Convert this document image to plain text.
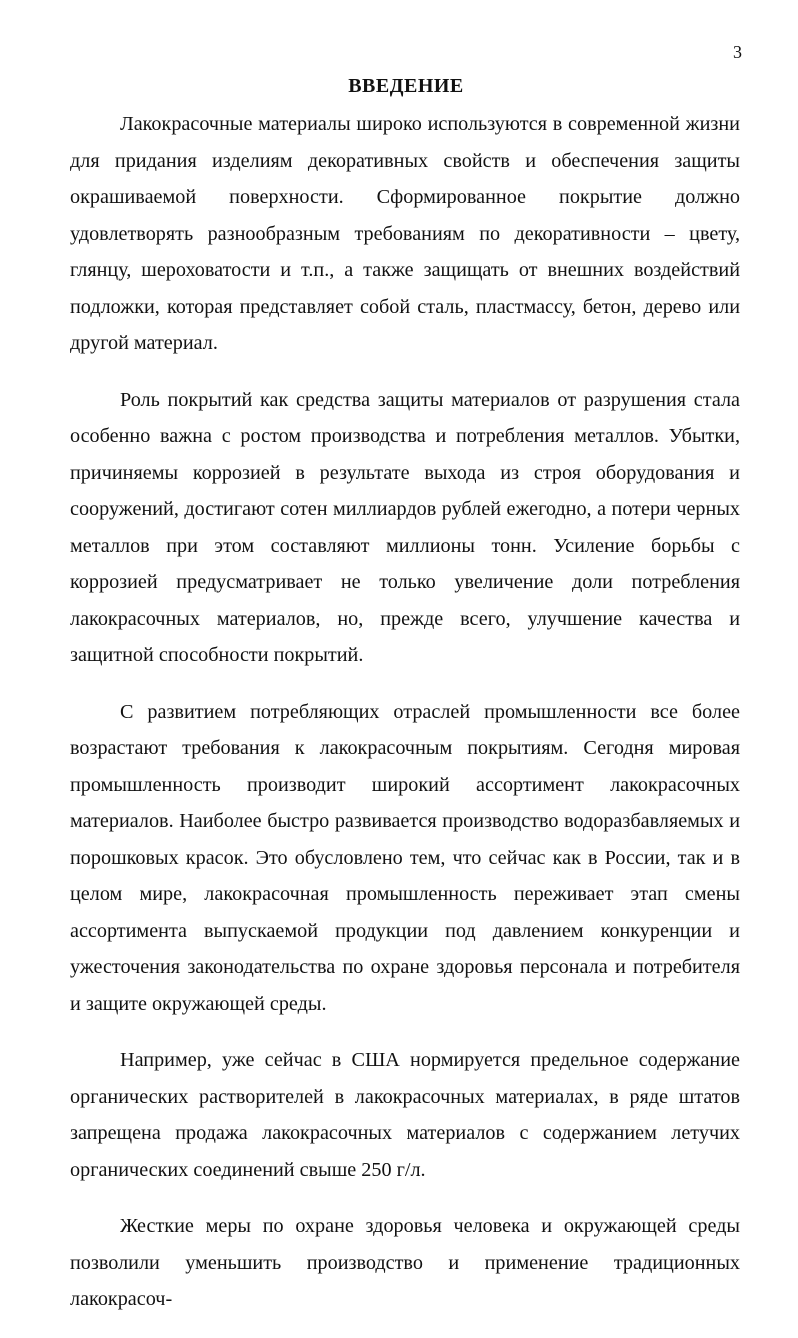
3
ВВЕДЕНИЕ

Лакокрасочные материалы широко используются в современной жизни для придания изделиям декоративных свойств и обеспечения защиты окрашиваемой поверхности. Сформированное покрытие должно удовлетворять разнообразным требованиям по декоративности – цвету, глянцу, шероховатости и т.п., а также защищать от внешних воздействий подложки, которая представляет собой сталь, пластмассу, бетон, дерево или другой материал.

Роль покрытий как средства защиты материалов от разрушения стала особенно важна с ростом производства и потребления металлов. Убытки, причиняемы коррозией в результате выхода из строя оборудования и сооружений, достигают сотен миллиардов рублей ежегодно, а потери черных металлов при этом составляют миллионы тонн. Усиление борьбы с коррозией предусматривает не только увеличение доли потребления лакокрасочных материалов, но, прежде всего, улучшение качества и защитной способности покрытий.

С развитием потребляющих отраслей промышленности все более возрастают требования к лакокрасочным покрытиям. Сегодня мировая промышленность производит широкий ассортимент лакокрасочных материалов. Наиболее быстро развивается производство водоразбавляемых и порошковых красок. Это обусловлено тем, что сейчас как в России, так и в целом мире, лакокрасочная промышленность переживает этап смены ассортимента выпускаемой продукции под давлением конкуренции и ужесточения законодательства по охране здоровья персонала и потребителя и защите окружающей среды.

Например, уже сейчас в США нормируется предельное содержание органических растворителей в лакокрасочных материалах, в ряде штатов запрещена продажа лакокрасочных материалов с содержанием летучих органических соединений свыше 250 г/л.

Жесткие меры по охране здоровья человека и окружающей среды позволили уменьшить производство и применение традиционных лакокрасоч-
